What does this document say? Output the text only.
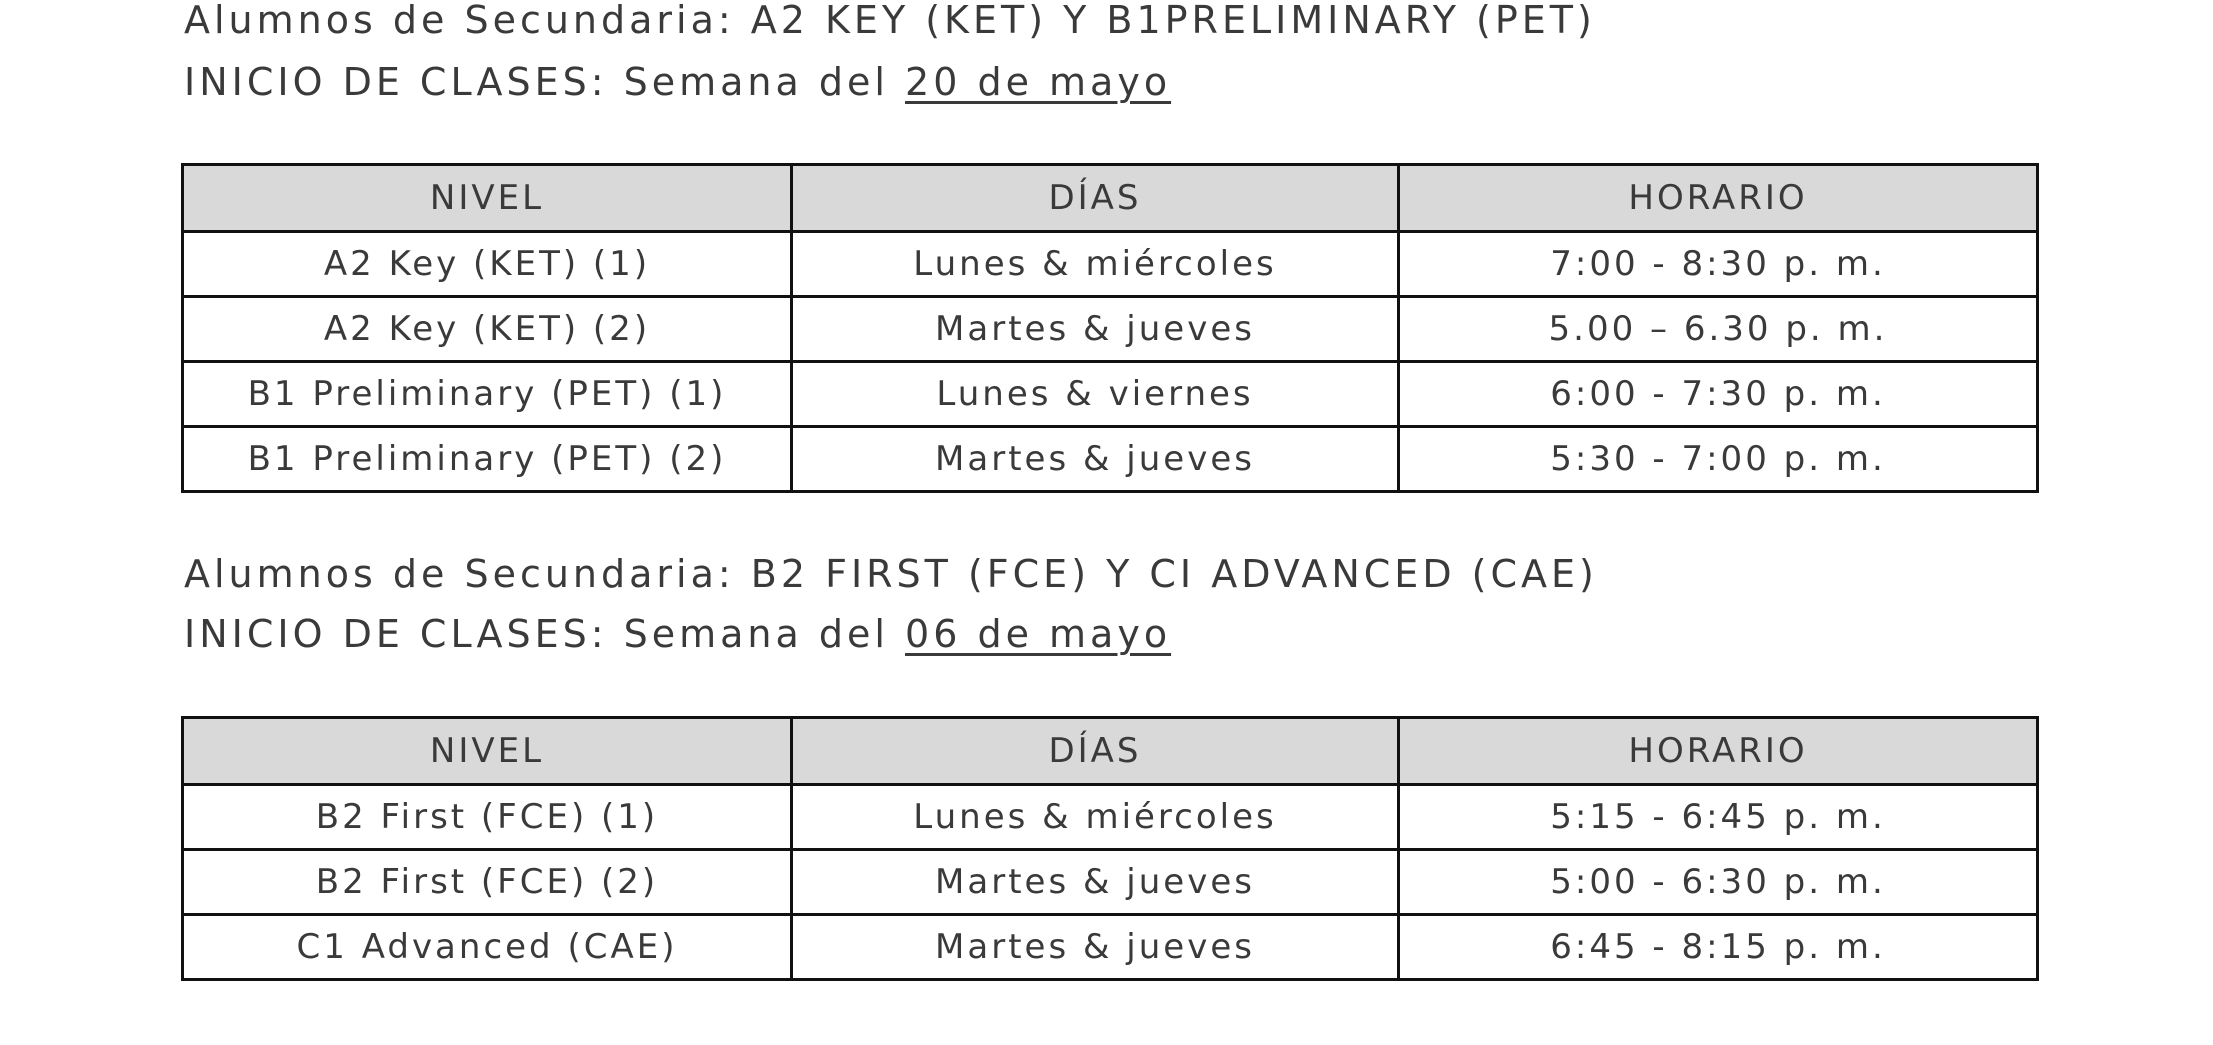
Alumnos de Secundaria: A2 KEY (KET) Y B1PRELIMINARY (PET)
INICIO DE CLASES: Semana del 20 de mayo
NIVEL	DÍAS	HORARIO
A2 Key (KET) (1)	Lunes & miércoles	7:00 - 8:30 p. m.
A2 Key (KET) (2)	Martes & jueves	5.00 – 6.30 p. m.
B1 Preliminary (PET) (1)	Lunes & viernes	6:00 - 7:30 p. m.
B1 Preliminary (PET) (2)	Martes & jueves	5:30 - 7:00 p. m.
Alumnos de Secundaria: B2 FIRST (FCE) Y CI ADVANCED (CAE)
INICIO DE CLASES: Semana del 06 de mayo
NIVEL	DÍAS	HORARIO
B2 First (FCE) (1)	Lunes & miércoles	5:15 - 6:45 p. m.
B2 First (FCE) (2)	Martes & jueves	5:00 - 6:30 p. m.
C1 Advanced (CAE)	Martes & jueves	6:45 - 8:15 p. m.
